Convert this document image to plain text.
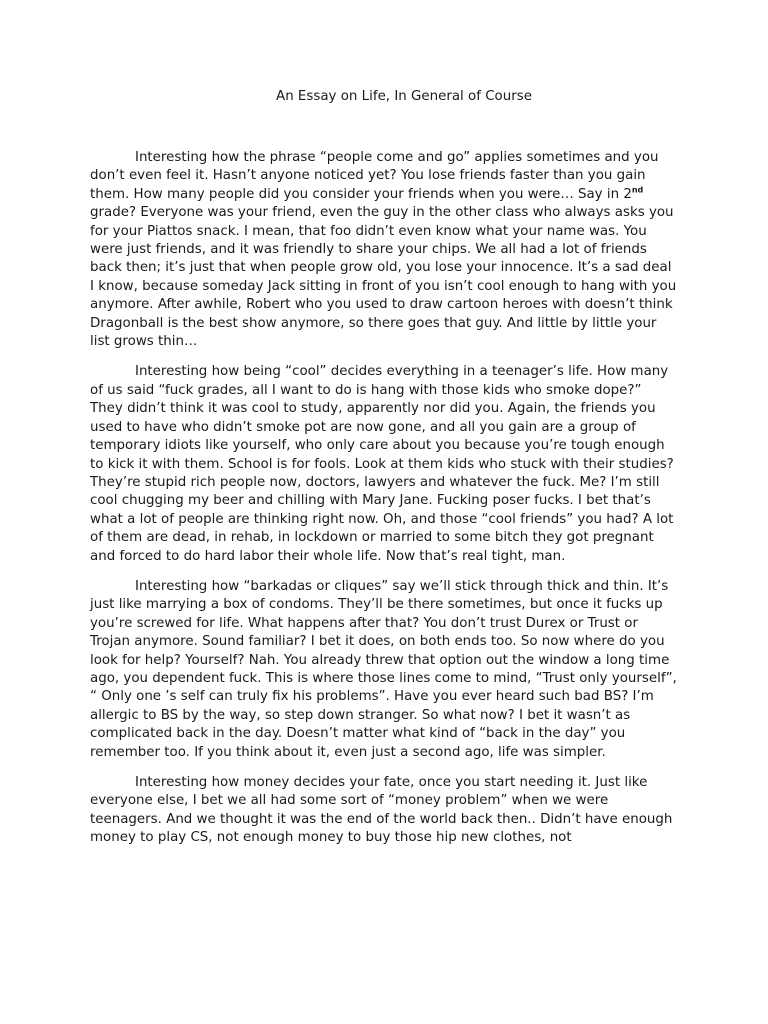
An Essay on Life, In General of Course

Interesting how the phrase “people come and go” applies sometimes and you don’t even feel it. Hasn’t anyone noticed yet? You lose friends faster than you gain them. How many people did you consider your friends when you were… Say in 2nd grade? Everyone was your friend, even the guy in the other class who always asks you for your Piattos snack. I mean, that foo didn’t even know what your name was. You were just friends, and it was friendly to share your chips. We all had a lot of friends back then; it’s just that when people grow old, you lose your innocence. It’s a sad deal I know, because someday Jack sitting in front of you isn’t cool enough to hang with you anymore. After awhile, Robert who you used to draw cartoon heroes with doesn’t think Dragonball is the best show anymore, so there goes that guy. And little by little your list grows thin…

Interesting how being “cool” decides everything in a teenager’s life. How many of us said “fuck grades, all I want to do is hang with those kids who smoke dope?” They didn’t think it was cool to study, apparently nor did you. Again, the friends you used to have who didn’t smoke pot are now gone, and all you gain are a group of temporary idiots like yourself, who only care about you because you’re tough enough to kick it with them. School is for fools. Look at them kids who stuck with their studies? They’re stupid rich people now, doctors, lawyers and whatever the fuck. Me? I’m still cool chugging my beer and chilling with Mary Jane. Fucking poser fucks. I bet that’s what a lot of people are thinking right now. Oh, and those “cool friends” you had? A lot of them are dead, in rehab, in lockdown or married to some bitch they got pregnant and forced to do hard labor their whole life. Now that’s real tight, man.

Interesting how “barkadas or cliques” say we’ll stick through thick and thin. It’s just like marrying a box of condoms. They’ll be there sometimes, but once it fucks up you’re screwed for life. What happens after that? You don’t trust Durex or Trust or Trojan anymore. Sound familiar? I bet it does, on both ends too. So now where do you look for help? Yourself? Nah. You already threw that option out the window a long time ago, you dependent fuck. This is where those lines come to mind, “Trust only yourself”, “ Only one ’s self can truly fix his problems”. Have you ever heard such bad BS? I’m allergic to BS by the way, so step down stranger. So what now? I bet it wasn’t as complicated back in the day. Doesn’t matter what kind of “back in the day” you remember too. If you think about it, even just a second ago, life was simpler.

Interesting how money decides your fate, once you start needing it. Just like everyone else, I bet we all had some sort of “money problem” when we were teenagers. And we thought it was the end of the world back then.. Didn’t have enough money to play CS, not enough money to buy those hip new clothes, not
